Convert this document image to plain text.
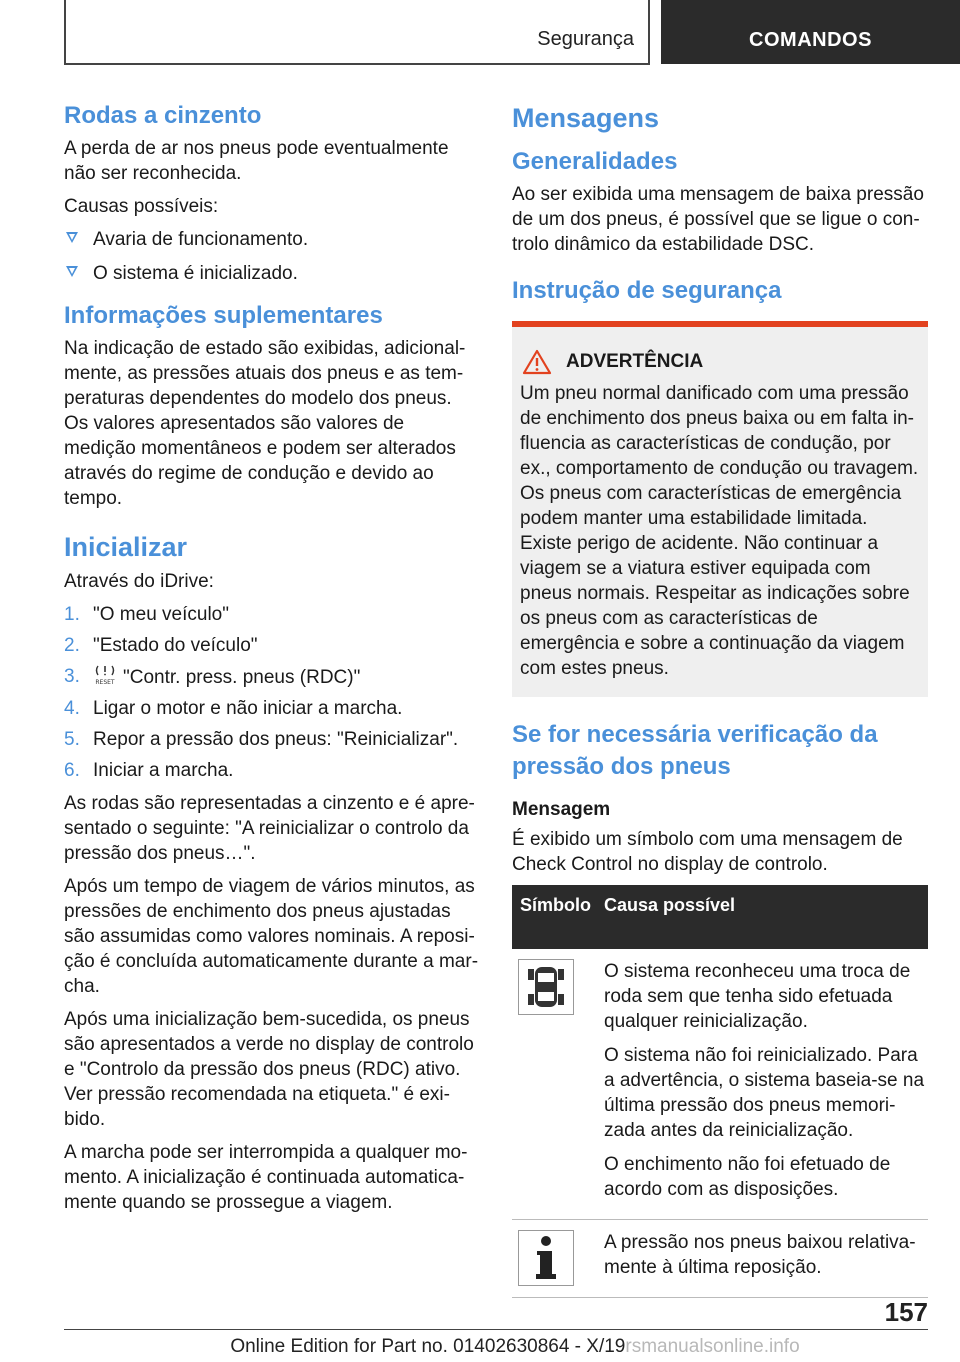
Segurança	COMANDOS
Rodas a cinzento

A perda de ar nos pneus pode eventualmente não ser reconhecida.

Causas possíveis:

Avaria de funcionamento.
O sistema é inicializado.
Informações suplementares

Na indicação de estado são exibidas, adicionalmente, as pressões atuais dos pneus e as temperaturas dependentes do modelo dos pneus. Os valores apresentados são valores de medição momentâneos e podem ser alterados através do regime de condução e devido ao tempo.

Inicializar

Através do iDrive:

1. "O meu veículo"
2. "Estado do veículo"
3.	RESET "Contr. press. pneus (RDC)"
4. Ligar o motor e não iniciar a marcha.
5. Repor a pressão dos pneus: "Reinicializar".
6. Iniciar a marcha.

As rodas são representadas a cinzento e é apresentado o seguinte: "A reinicializar o controlo da pressão dos pneus…".

Após um tempo de viagem de vários minutos, as pressões de enchimento dos pneus ajustadas são assumidas como valores nominais. A reposição é concluída automaticamente durante a marcha.

Após uma inicialização bem-sucedida, os pneus são apresentados a verde no display de controlo e "Controlo da pressão dos pneus (RDC) ativo. Ver pressão recomendada na etiqueta." é exibido.

A marcha pode ser interrompida a qualquer momento. A inicialização é continuada automaticamente quando se prossegue a viagem.

Mensagens
Generalidades

Ao ser exibida uma mensagem de baixa pressão de um dos pneus, é possível que se ligue o controlo dinâmico da estabilidade DSC.

Instrução de segurança
ADVERTÊNCIA

Um pneu normal danificado com uma pressão de enchimento dos pneus baixa ou em falta influencia as características de condução, por ex., comportamento de condução ou travagem. Os pneus com características de emergência podem manter uma estabilidade limitada. Existe perigo de acidente. Não continuar a viagem se a viatura estiver equipada com pneus normais. Respeitar as indicações sobre os pneus com as características de emergência e sobre a continuação da viagem com estes pneus.

Se for necessária verificação da pressão dos pneus
Mensagem

É exibido um símbolo com uma mensagem de Check Control no display de controlo.

Símbolo Causa possível

O sistema reconheceu uma troca de roda sem que tenha sido efetuada qualquer reinicialização.

O sistema não foi reinicializado. Para a advertência, o sistema baseia-se na última pressão dos pneus memorizada antes da reinicialização.

O enchimento não foi efetuado de acordo com as disposições.

A pressão nos pneus baixou relativamente à última reposição.

157
Online Edition for Part no. 01402630864 - X/19rsmanualsonline.info
